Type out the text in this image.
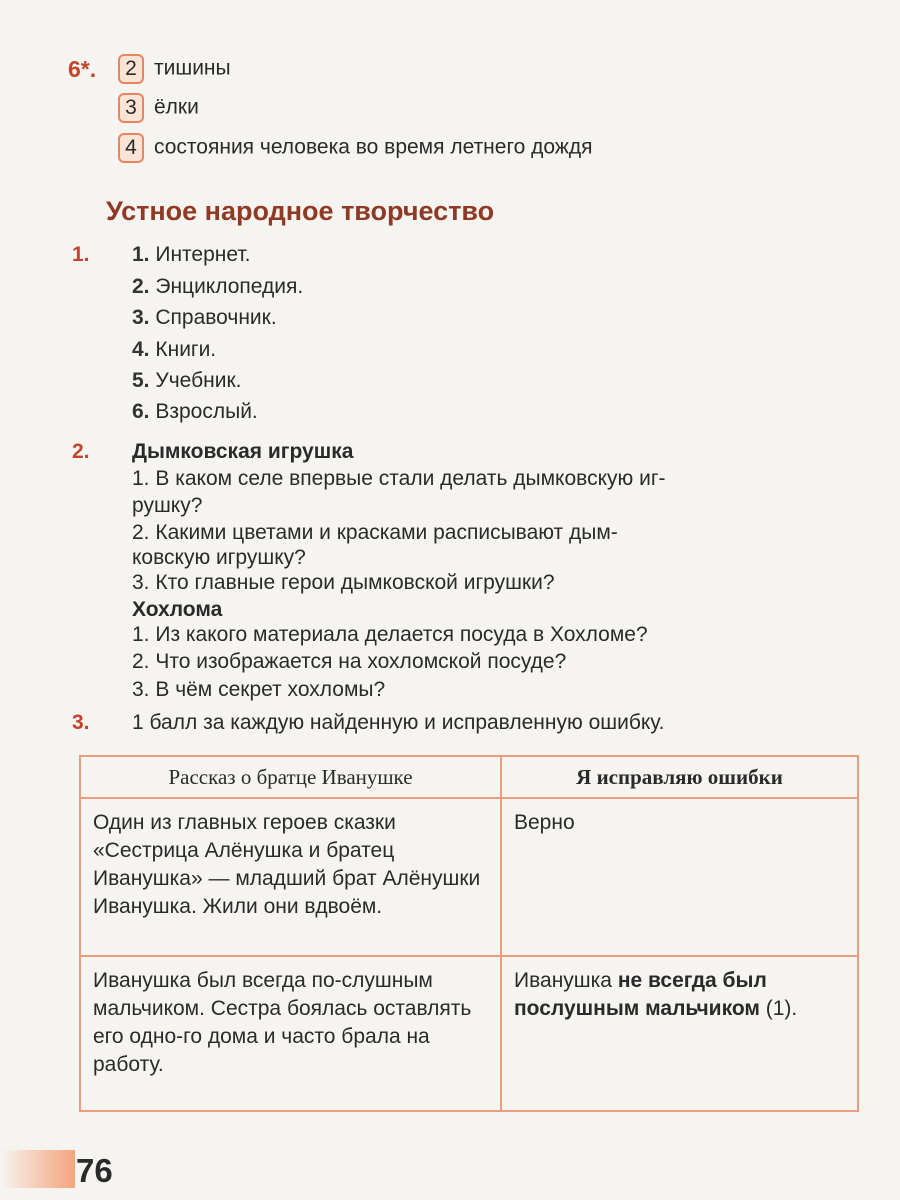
6*.	2 тишины
3 ёлки
4 состояния человека во время летнего дождя
Устное народное творчество
1. 1. Интернет.
2. Энциклопедия.
3. Справочник.
4. Книги.
5. Учебник.
6. Взрослый.
2. Дымковская игрушка
1. В каком селе впервые стали делать дымковскую иг-
рушку?
2. Какими цветами и красками расписывают дым-
ковскую игрушку?
3. Кто главные герои дымковской игрушки?
Хохлома
1. Из какого материала делается посуда в Хохломе?
2. Что изображается на хохломской посуде?
3. В чём секрет хохломы?
3. 1 балл за каждую найденную и исправленную ошибку.
Рассказ о братце Иванушке	Я исправляю ошибки
Один из главных героев сказки «Сестрица Алёнушка и братец Иванушка» — младший брат Алёнушки Иванушка. Жили они вдвоём.	Верно
Иванушка был всегда по-слушным мальчиком. Сестра боялась оставлять его одно-го дома и часто брала на работу.	Иванушка не всегда был послушным мальчиком (1).
76
